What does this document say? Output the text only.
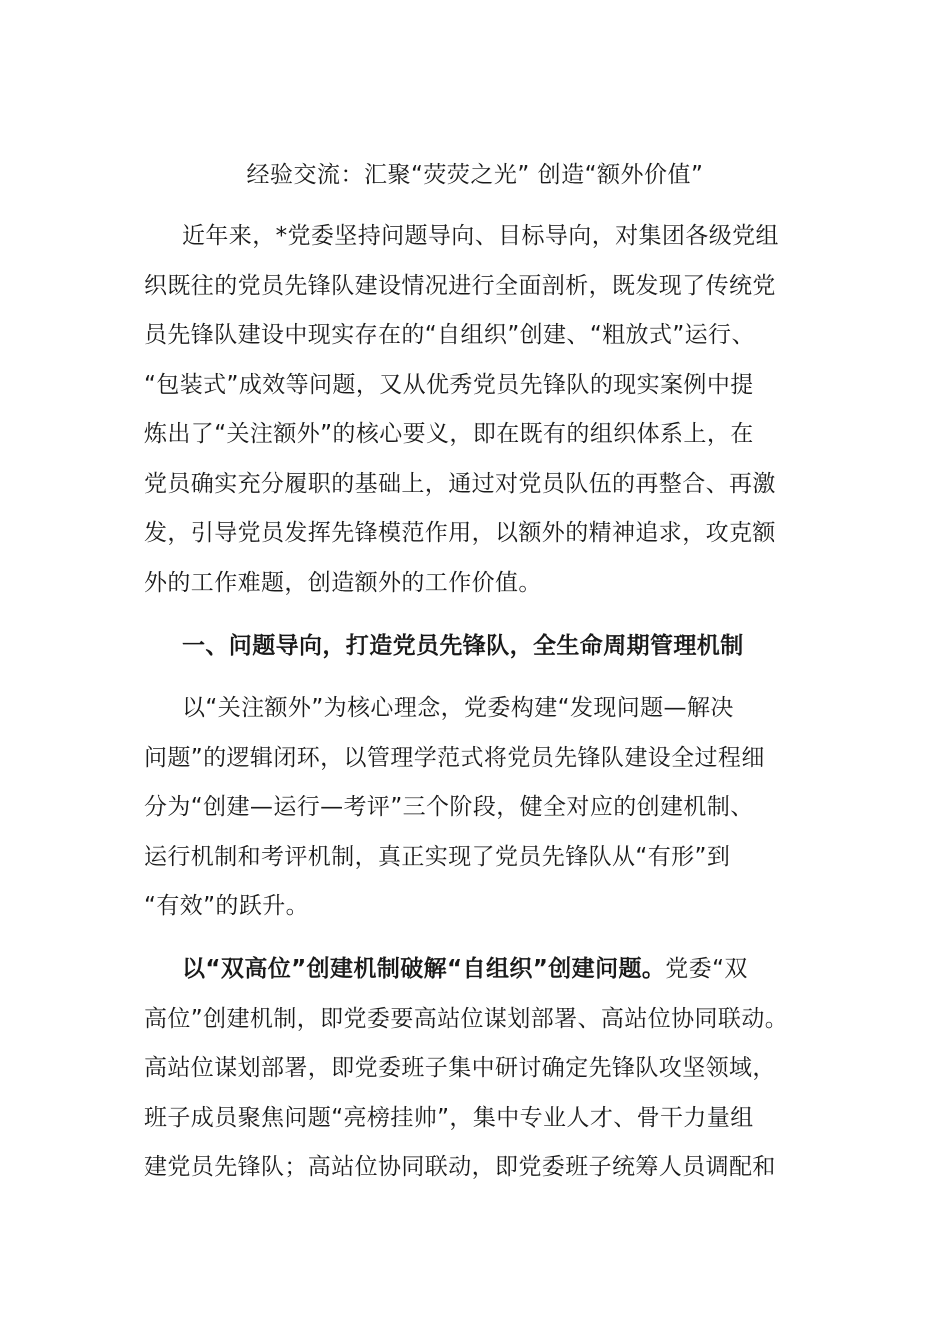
经验交流：汇聚“荧荧之光” 创造“额外价值”
近年来，*党委坚持问题导向、目标导向，对集团各级党组
织既往的党员先锋队建设情况进行全面剖析，既发现了传统党
员先锋队建设中现实存在的“自组织”创建、“粗放式”运行、
“包装式”成效等问题，又从优秀党员先锋队的现实案例中提
炼出了“关注额外”的核心要义，即在既有的组织体系上，在
党员确实充分履职的基础上，通过对党员队伍的再整合、再激
发，引导党员发挥先锋模范作用，以额外的精神追求，攻克额
外的工作难题，创造额外的工作价值。
一、问题导向，打造党员先锋队，全生命周期管理机制
以“关注额外”为核心理念，党委构建“发现问题—解决
问题”的逻辑闭环，以管理学范式将党员先锋队建设全过程细
分为“创建—运行—考评”三个阶段，健全对应的创建机制、
运行机制和考评机制，真正实现了党员先锋队从“有形”到
“有效”的跃升。
以“双高位”创建机制破解“自组织”创建问题。党委“双
高位”创建机制，即党委要高站位谋划部署、高站位协同联动。
高站位谋划部署，即党委班子集中研讨确定先锋队攻坚领域，
班子成员聚焦问题“亮榜挂帅”，集中专业人才、骨干力量组
建党员先锋队；高站位协同联动，即党委班子统筹人员调配和
